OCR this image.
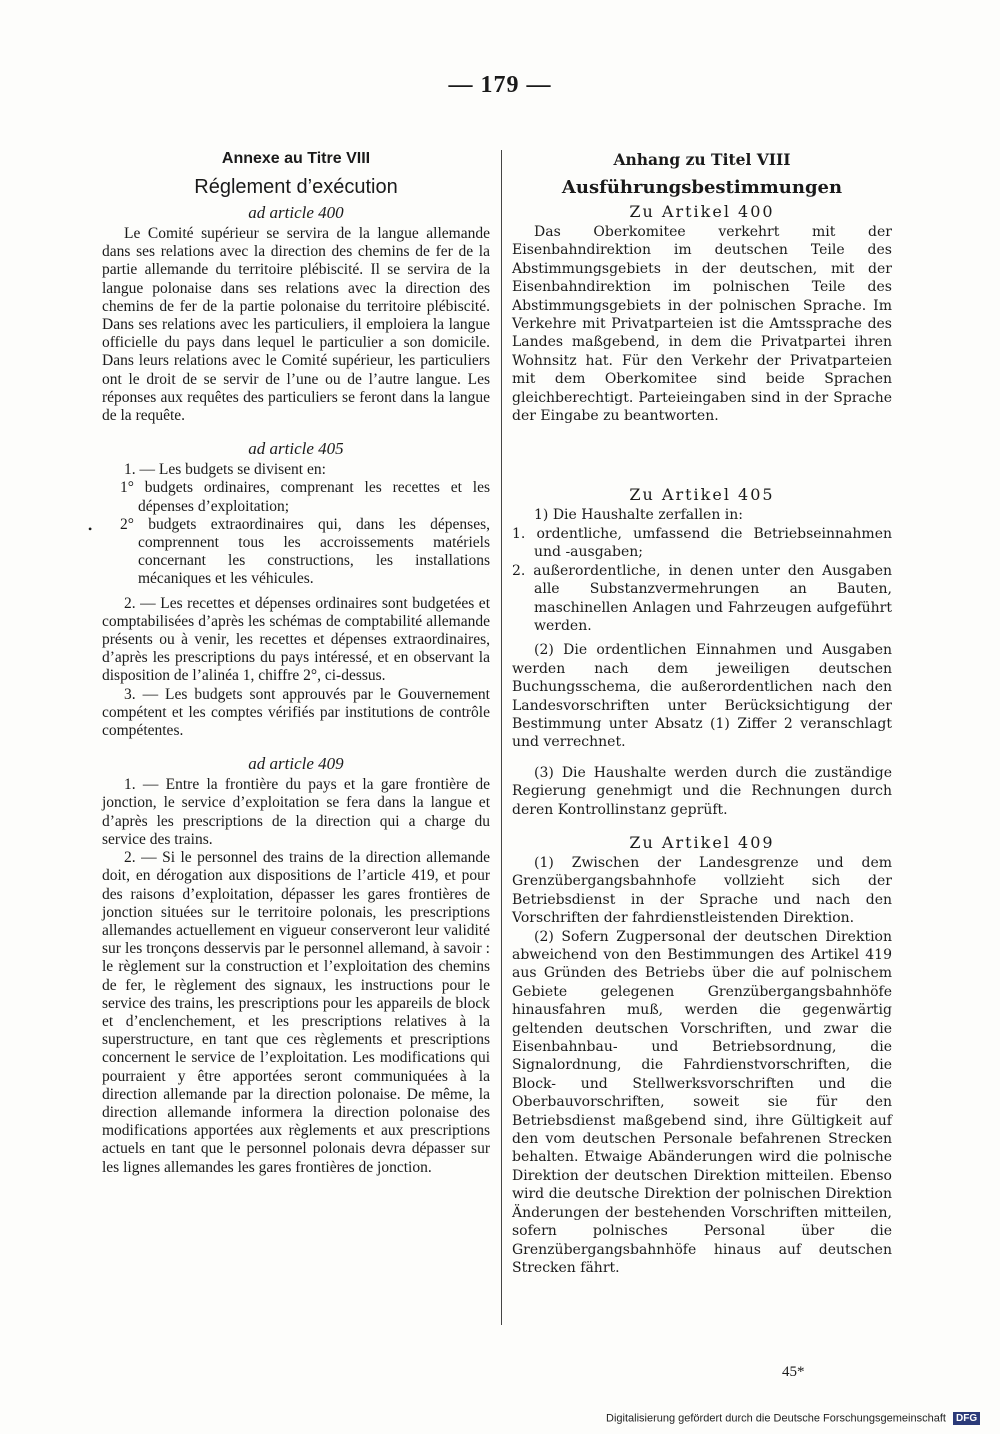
— 179 —
•
Annexe au Titre VIII
Réglement d’exécution
ad article 400

Le Comité supérieur se servira de la langue allemande dans ses relations avec la direction des chemins de fer de la partie allemande du territoire plébiscité. Il se servira de la langue polonaise dans ses relations avec la direction des chemins de fer de la partie polonaise du territoire plébiscité. Dans ses relations avec les particuliers, il emploiera la langue officielle du pays dans lequel le particulier a son domicile. Dans leurs relations avec le Comité supérieur, les particuliers ont le droit de se servir de l’une ou de l’autre langue. Les réponses aux requêtes des particuliers se feront dans la langue de la requête.

ad article 405

1. — Les budgets se divisent en:

1° budgets ordinaires, comprenant les recettes et les dépenses d’exploitation;

2° budgets extraordinaires qui, dans les dépenses, comprennent tous les accroissements matériels concernant les constructions, les installations mécaniques et les véhicules.

2. — Les recettes et dépenses ordinaires sont budgetées et comptabilisées d’après les schémas de comptabilité allemande présents ou à venir, les recettes et dépenses extraordinaires, d’après les prescriptions du pays intéressé, et en observant la disposition de l’alinéa 1, chiffre 2°, ci-dessus.

3. — Les budgets sont approuvés par le Gouvernement compétent et les comptes vérifiés par institutions de contrôle compétentes.

ad article 409

1. — Entre la frontière du pays et la gare frontière de jonction, le service d’exploitation se fera dans la langue et d’après les prescriptions de la direction qui a charge du service des trains.

2. — Si le personnel des trains de la direction allemande doit, en dérogation aux dispositions de l’article 419, et pour des raisons d’exploitation, dépasser les gares frontières de jonction situées sur le territoire polonais, les prescriptions allemandes actuellement en vigueur conserveront leur validité sur les tronçons desservis par le personnel allemand, à savoir : le règlement sur la construction et l’exploitation des chemins de fer, le règlement des signaux, les instructions pour le service des trains, les prescriptions pour les appareils de block et d’enclenchement, et les prescriptions relatives à la superstructure, en tant que ces règlements et prescriptions concernent le service de l’exploitation. Les modifications qui pourraient y être apportées seront communiquées à la direction allemande par la direction polonaise. De même, la direction allemande informera la direction polonaise des modifications apportées aux règlements et aux prescriptions actuels en tant que le personnel polonais devra dépasser sur les lignes allemandes les gares frontières de jonction.

Anhang zu Titel VIII
Ausführungsbestimmungen
Zu Artikel 400

Das Oberkomitee verkehrt mit der Eisenbahndirektion im deutschen Teile des Abstimmungsgebiets in der deutschen, mit der Eisenbahndirektion im polnischen Teile des Abstimmungsgebiets in der polnischen Sprache. Im Verkehre mit Privatparteien ist die Amtssprache des Landes maßgebend, in dem die Privatpartei ihren Wohnsitz hat. Für den Verkehr der Privatparteien mit dem Oberkomitee sind beide Sprachen gleichberechtigt. Parteieingaben sind in der Sprache der Eingabe zu beantworten.

Zu Artikel 405

1) Die Haushalte zerfallen in:

1. ordentliche, umfassend die Betriebseinnahmen und -ausgaben;

2. außerordentliche, in denen unter den Ausgaben alle Substanzvermehrungen an Bauten, maschinellen Anlagen und Fahrzeugen aufgeführt werden.

(2) Die ordentlichen Einnahmen und Ausgaben werden nach dem jeweiligen deutschen Buchungsschema, die außerordentlichen nach den Landesvorschriften unter Berücksichtigung der Bestimmung unter Absatz (1) Ziffer 2 veranschlagt und verrechnet.

(3) Die Haushalte werden durch die zuständige Regierung genehmigt und die Rechnungen durch deren Kontrollinstanz geprüft.

Zu Artikel 409

(1) Zwischen der Landesgrenze und dem Grenzübergangsbahnhofe vollzieht sich der Betriebsdienst in der Sprache und nach den Vorschriften der fahrdienstleistenden Direktion.

(2) Sofern Zugpersonal der deutschen Direktion abweichend von den Bestimmungen des Artikel 419 aus Gründen des Betriebs über die auf polnischem Gebiete gelegenen Grenzübergangsbahnhöfe hinausfahren muß, werden die gegenwärtig geltenden deutschen Vorschriften, und zwar die Eisenbahnbau- und Betriebsordnung, die Signalordnung, die Fahrdienstvorschriften, die Block- und Stellwerksvorschriften und die Oberbauvorschriften, soweit sie für den Betriebsdienst maßgebend sind, ihre Gültigkeit auf den vom deutschen Personale befahrenen Strecken behalten. Etwaige Abänderungen wird die polnische Direktion der deutschen Direktion mitteilen. Ebenso wird die deutsche Direktion der polnischen Direktion Änderungen der bestehenden Vorschriften mitteilen, sofern polnisches Personal über die Grenzübergangsbahnhöfe hinaus auf deutschen Strecken fährt.

45*
Digitalisierung gefördert durch die Deutsche Forschungsgemeinschaft DFG
